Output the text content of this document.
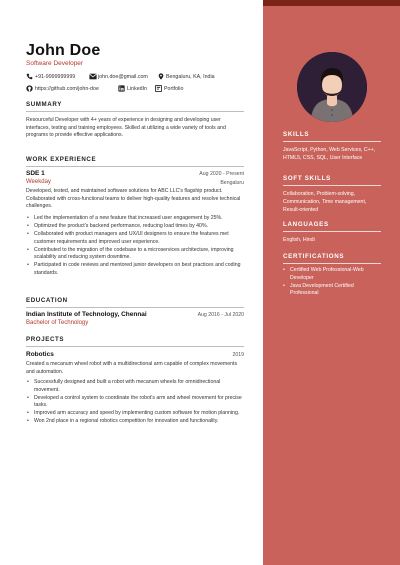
John Doe
Software Developer
+91-9999999999	john.doe@gmail.com	Bengaluru, KA, India
https://github.com/john-doe	LinkedIn	Portfolio
SUMMARY
Resourceful Developer with 4+ years of experience in designing and developing user interfaces, testing and training employees. Skilled at utilizing a wide variety of tools and programs to provide effective applications.
WORK EXPERIENCE
SDE 1	Aug 2020 - Present
Weekday	Bengaluru
Developed, tested, and maintained software solutions for ABC LLC's flagship product. Collaborated with cross-functional teams to deliver high-quality features and resolve technical challenges.
• Led the implementation of a new feature that increased user engagement by 25%.
• Optimized the product's backend performance, reducing load times by 40%.
• Collaborated with product managers and UX/UI designers to ensure the features met customer requirements and improved user experience.
• Contributed to the migration of the codebase to a microservices architecture, improving scalability and reducing system downtime.
• Participated in code reviews and mentored junior developers on best practices and coding standards.
EDUCATION
Indian Institute of Technology, Chennai	Aug 2016 - Jul 2020
Bachelor of Technology
PROJECTS
Robotics	2019
Created a mecanum wheel robot with a multidirectional arm capable of complex movements and automation.
• Successfully designed and built a robot with mecanum wheels for omnidirectional movement.
• Developed a control system to coordinate the robot's arm and wheel movement for precise tasks.
• Improved arm accuracy and speed by implementing custom software for motion planning.
• Won 2nd place in a regional robotics competition for innovation and functionality.
SKILLS
JavaScript, Python, Web Services, C++, HTML5, CSS, SQL, User Interface
SOFT SKILLS
Collaboration, Problem-solving, Communication, Time management, Result-oriented
LANGUAGES
English, Hindi
CERTIFICATIONS
• Certified Web Professional-Web Developer
• Java Development Certified Professional
